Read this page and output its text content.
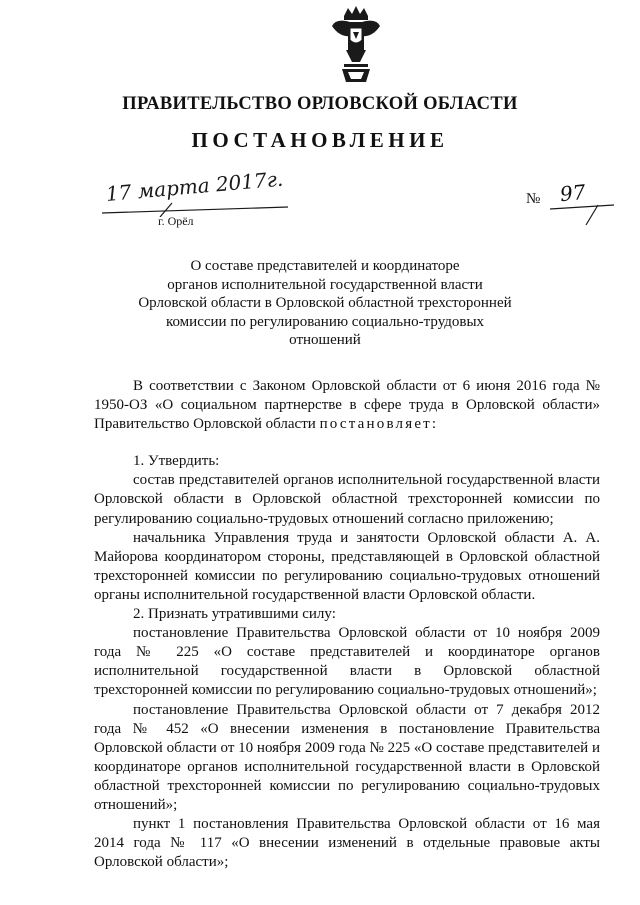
ПРАВИТЕЛЬСТВО ОРЛОВСКОЙ ОБЛАСТИ
ПОСТАНОВЛЕНИЕ
17 марта 2017г.
г. Орёл
№ 97
О составе представителей и координаторе
органов исполнительной государственной власти
Орловской области в Орловской областной трехсторонней
комиссии по регулированию социально-трудовых
отношений

В соответствии с Законом Орловской области от 6 июня 2016 года № 1950-ОЗ «О социальном партнерстве в сфере труда в Орловской области» Правительство Орловской области постановляет:

1. Утвердить:

состав представителей органов исполнительной государственной власти Орловской области в Орловской областной трехсторонней комиссии по регулированию социально-трудовых отношений согласно приложению;

начальника Управления труда и занятости Орловской области А. А. Майорова координатором стороны, представляющей в Орловской областной трехсторонней комиссии по регулированию социально-трудовых отношений органы исполнительной государственной власти Орловской области.

2. Признать утратившими силу:

постановление Правительства Орловской области от 10 ноября 2009 года № 225 «О составе представителей и координаторе органов исполнительной государственной власти в Орловской областной трехсторонней комиссии по регулированию социально-трудовых отношений»;

постановление Правительства Орловской области от 7 декабря 2012 года № 452 «О внесении изменения в постановление Правительства Орловской области от 10 ноября 2009 года № 225 «О составе представителей и координаторе органов исполнительной государственной власти в Орловской областной трехсторонней комиссии по регулированию социально-трудовых отношений»;

пункт 1 постановления Правительства Орловской области от 16 мая 2014 года № 117 «О внесении изменений в отдельные правовые акты Орловской области»;
